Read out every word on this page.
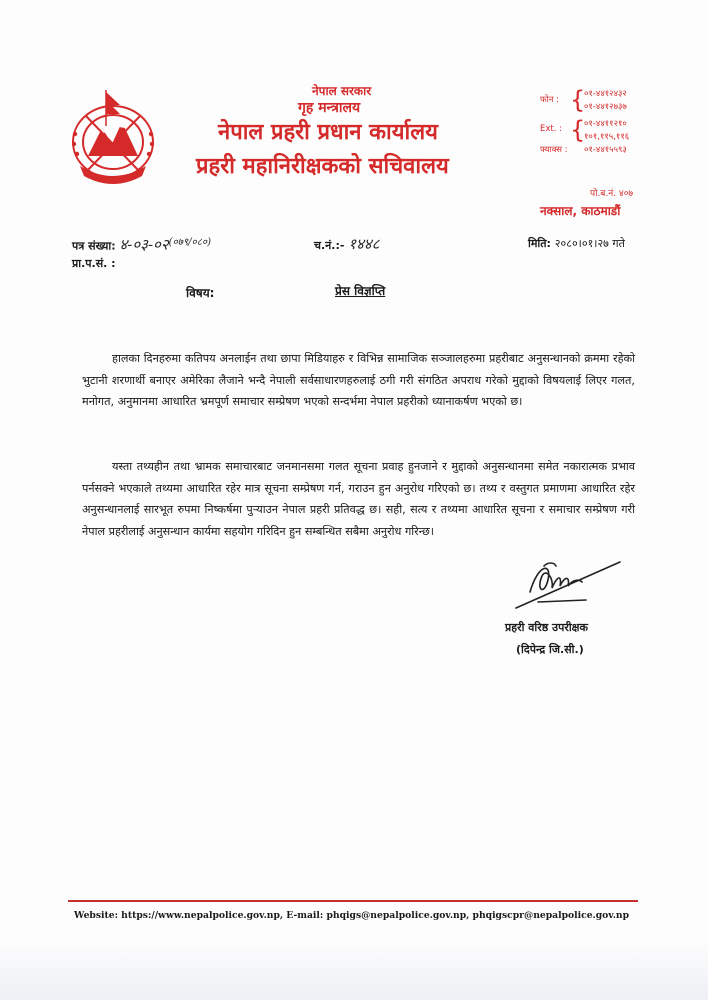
नेपाल सरकार
गृह मन्त्रालय
नेपाल प्रहरी प्रधान कार्यालय
प्रहरी महानिरीक्षकको सचिवालय
फोन : {
०१-४४१२४३२
०१-४४१२७३७
Ext. : {
०१-४४११२१०
१०१,११५,११६
फ्याक्स : ०१-४४१५५९३
पो.ब.नं. ४०७
नक्साल, काठमाडौं
पत्र संख्या: $४-०३-०२^{(०७९/०८०)}$	च.नं.:- १४४८	मिति: २०८०।०१।२७ गते
प्रा.प.सं. :
विषय:	प्रेस विज्ञप्ति

हालका दिनहरुमा कतिपय अनलाईन तथा छापा मिडियाहरु र विभिन्न सामाजिक सञ्जालहरुमा प्रहरीबाट अनुसन्धानको क्रममा रहेको भुटानी शरणार्थी बनाएर अमेरिका लैजाने भन्दै नेपाली सर्वसाधारणहरुलाई ठगी गरी संगठित अपराध गरेको मुद्दाको विषयलाई लिएर गलत, मनोगत, अनुमानमा आधारित भ्रमपूर्ण समाचार सम्प्रेषण भएको सन्दर्भमा नेपाल प्रहरीको ध्यानाकर्षण भएको छ।

यस्ता तथ्यहीन तथा भ्रामक समाचारबाट जनमानसमा गलत सूचना प्रवाह हुनजाने र मुद्दाको अनुसन्धानमा समेत नकारात्मक प्रभाव पर्नसक्ने भएकाले तथ्यमा आधारित रहेर मात्र सूचना सम्प्रेषण गर्न, गराउन हुन अनुरोध गरिएको छ। तथ्य र वस्तुगत प्रमाणमा आधारित रहेर अनुसन्धानलाई सारभूत रुपमा निष्कर्षमा पुऱ्याउन नेपाल प्रहरी प्रतिवद्ध छ। सही, सत्य र तथ्यमा आधारित सूचना र समाचार सम्प्रेषण गरी नेपाल प्रहरीलाई अनुसन्धान कार्यमा सहयोग गरिदिन हुन सम्बन्धित सबैमा अनुरोध गरिन्छ।

प्रहरी वरिष्ठ उपरीक्षक
(दिपेन्द्र जि.सी.)
Website: https://www.nepalpolice.gov.np, E-mail: phqigs@nepalpolice.gov.np, phqigscpr@nepalpolice.gov.np
